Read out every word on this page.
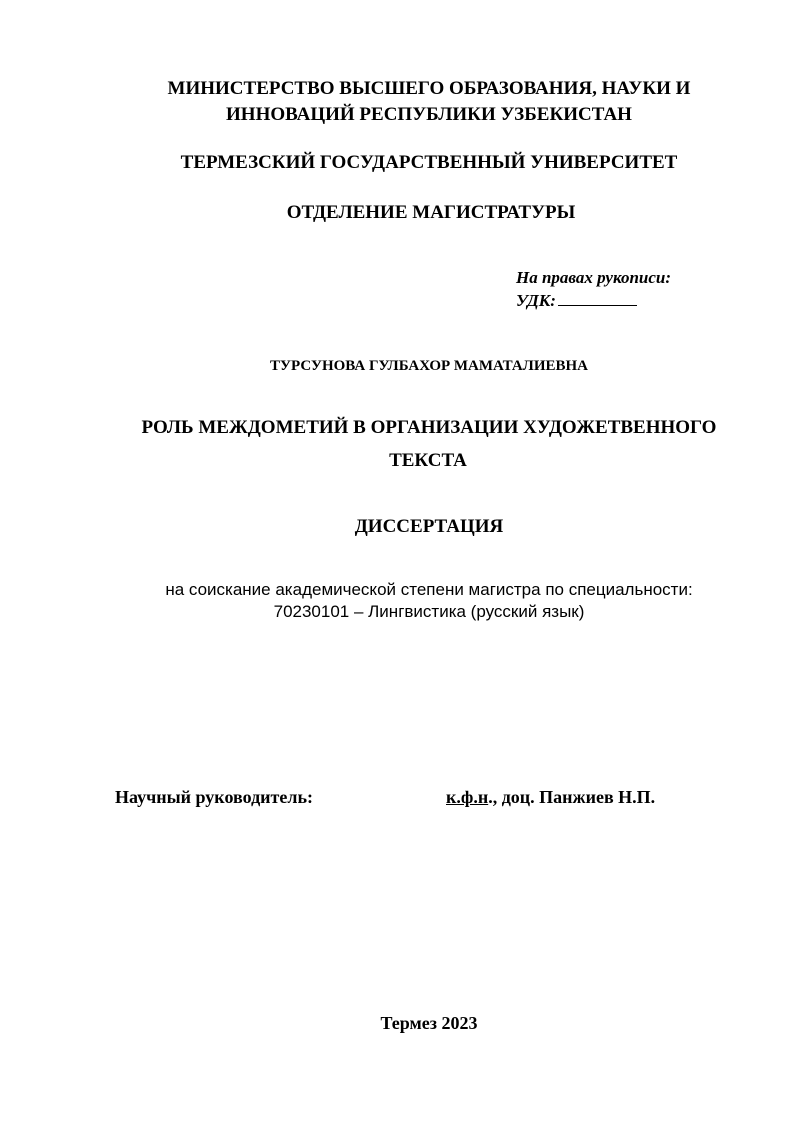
МИНИСТЕРСТВО ВЫСШЕГО ОБРАЗОВАНИЯ, НАУКИ И
ИННОВАЦИЙ РЕСПУБЛИКИ УЗБЕКИСТАН
ТЕРМЕЗСКИЙ ГОСУДАРСТВЕННЫЙ УНИВЕРСИТЕТ
ОТДЕЛЕНИЕ МАГИСТРАТУРЫ
На правах рукописи:
УДК:
ТУРСУНОВА ГУЛБАХОР МАМАТАЛИЕВНА
РОЛЬ МЕЖДОМЕТИЙ В ОРГАНИЗАЦИИ ХУДОЖЕТВЕННОГО
ТЕКСТА
ДИССЕРТАЦИЯ
на соискание академической степени магистра по специальности:
70230101 – Лингвистика (русский язык)
Научный руководитель:	к.ф.н., доц. Панжиев Н.П.
Термез 2023
